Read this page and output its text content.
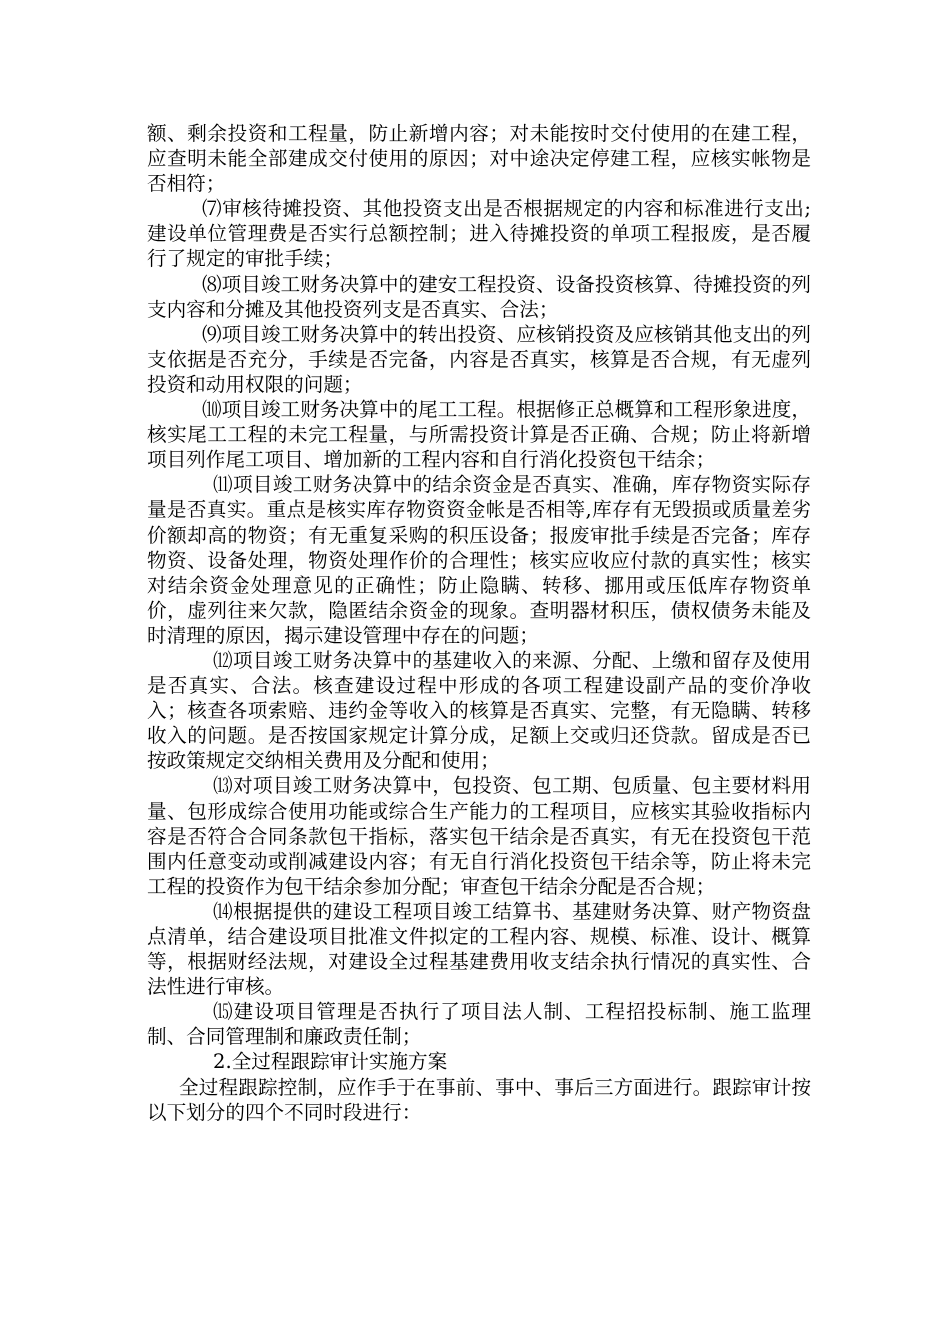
额、剩余投资和工程量，防止新增内容；对未能按时交付使用的在建工程，应查明未能全部建成交付使用的原因；对中途决定停建工程，应核实帐物是否相符；

⑺审核待摊投资、其他投资支出是否根据规定的内容和标准进行支出;建设单位管理费是否实行总额控制；进入待摊投资的单项工程报废，是否履行了规定的审批手续；

⑻项目竣工财务决算中的建安工程投资、设备投资核算、待摊投资的列支内容和分摊及其他投资列支是否真实、合法；

⑼项目竣工财务决算中的转出投资、应核销投资及应核销其他支出的列支依据是否充分，手续是否完备，内容是否真实，核算是否合规，有无虚列投资和动用权限的问题；

⑽项目竣工财务决算中的尾工工程。根据修正总概算和工程形象进度，核实尾工工程的未完工程量，与所需投资计算是否正确、合规；防止将新增项目列作尾工项目、增加新的工程内容和自行消化投资包干结余；

⑾项目竣工财务决算中的结余资金是否真实、准确，库存物资实际存量是否真实。重点是核实库存物资资金帐是否相等,库存有无毁损或质量差劣价额却高的物资；有无重复采购的积压设备；报废审批手续是否完备；库存物资、设备处理，物资处理作价的合理性；核实应收应付款的真实性；核实对结余资金处理意见的正确性；防止隐瞒、转移、挪用或压低库存物资单价，虚列往来欠款，隐匿结余资金的现象。查明器材积压，债权债务未能及时清理的原因，揭示建设管理中存在的问题；

⑿项目竣工财务决算中的基建收入的来源、分配、上缴和留存及使用是否真实、合法。核查建设过程中形成的各项工程建设副产品的变价净收入；核查各项索赔、违约金等收入的核算是否真实、完整，有无隐瞒、转移收入的问题。是否按国家规定计算分成，足额上交或归还贷款。留成是否已按政策规定交纳相关费用及分配和使用；

⒀对项目竣工财务决算中，包投资、包工期、包质量、包主要材料用量、包形成综合使用功能或综合生产能力的工程项目，应核实其验收指标内容是否符合合同条款包干指标，落实包干结余是否真实，有无在投资包干范围内任意变动或削减建设内容；有无自行消化投资包干结余等，防止将未完工程的投资作为包干结余参加分配；审查包干结余分配是否合规；

⒁根据提供的建设工程项目竣工结算书、基建财务决算、财产物资盘点清单，结合建设项目批准文件拟定的工程内容、规模、标准、设计、概算等，根据财经法规，对建设全过程基建费用收支结余执行情况的真实性、合法性进行审核。

⒂建设项目管理是否执行了项目法人制、工程招投标制、施工监理制、合同管理制和廉政责任制；

2.全过程跟踪审计实施方案

全过程跟踪控制，应作手于在事前、事中、事后三方面进行。跟踪审计按以下划分的四个不同时段进行：
